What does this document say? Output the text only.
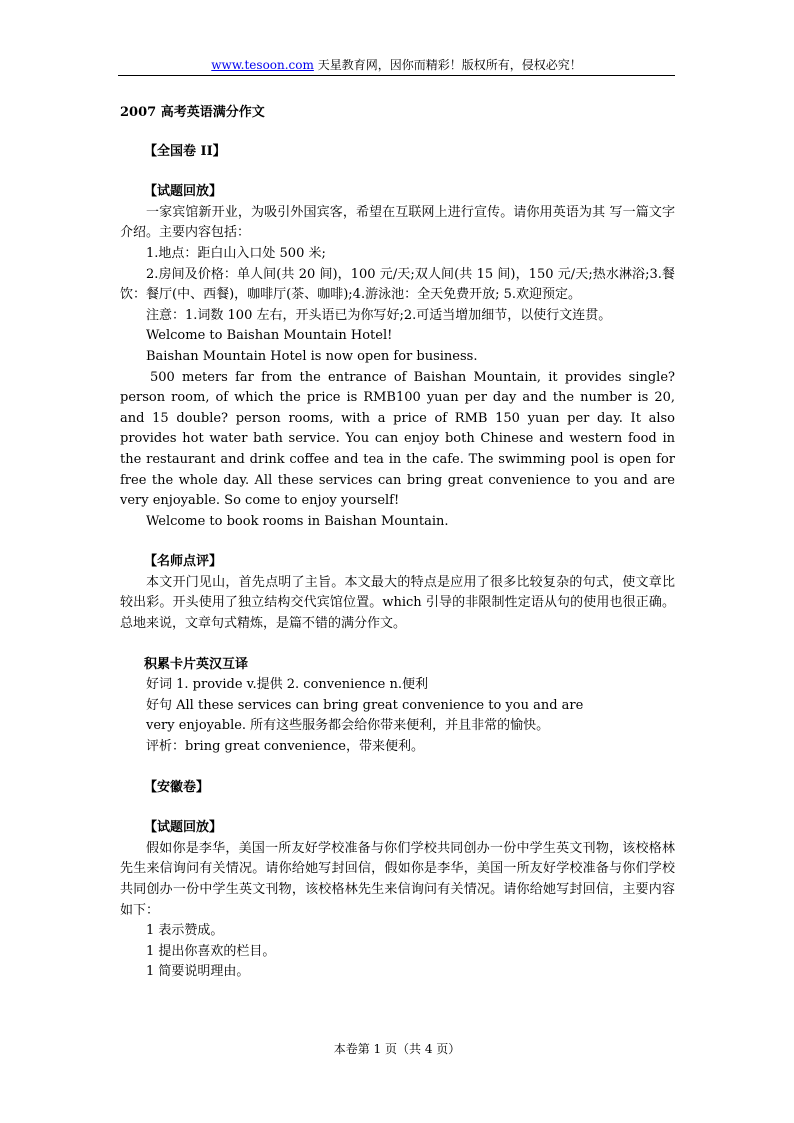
www.tesoon.com 天星教育网，因你而精彩！版权所有，侵权必究！

2007 高考英语满分作文

【全国卷 II】

【试题回放】

一家宾馆新开业，为吸引外国宾客，希望在互联网上进行宣传。请你用英语为其 写一篇文字介绍。主要内容包括：

1.地点：距白山入口处 500 米;

2.房间及价格：单人间(共 20 间)，100 元/天;双人间(共 15 间)，150 元/天;热水淋浴;3.餐饮：餐厅(中、西餐)，咖啡厅(茶、咖啡);4.游泳池：全天免费开放; 5.欢迎预定。

注意：1.词数 100 左右，开头语已为你写好;2.可适当增加细节，以使行文连贯。

Welcome to Baishan Mountain Hotel!

Baishan Mountain Hotel is now open for business.

500 meters far from the entrance of Baishan Mountain, it provides single?person room, of which the price is RMB100 yuan per day and the number is 20, and 15 double? person rooms, with a price of RMB 150 yuan per day. It also provides hot water bath service. You can enjoy both Chinese and western food in the restaurant and drink coffee and tea in the cafe. The swimming pool is open for free the whole day. All these services can bring great convenience to you and are very enjoyable. So come to enjoy yourself!

Welcome to book rooms in Baishan Mountain.

【名师点评】

本文开门见山，首先点明了主旨。本文最大的特点是应用了很多比较复杂的句式，使文章比较出彩。开头使用了独立结构交代宾馆位置。which 引导的非限制性定语从句的使用也很正确。总地来说，文章句式精炼，是篇不错的满分作文。

积累卡片英汉互译

好词 1. provide v.提供 2. convenience n.便利

好句 All these services can bring great convenience to you and are

very enjoyable. 所有这些服务都会给你带来便利，并且非常的愉快。

评析：bring great convenience，带来便利。

【安徽卷】

【试题回放】

假如你是李华，美国一所友好学校准备与你们学校共同创办一份中学生英文刊物，该校格林先生来信询问有关情况。请你给她写封回信，假如你是李华，美国一所友好学校准备与你们学校共同创办一份中学生英文刊物，该校格林先生来信询问有关情况。请你给她写封回信，主要内容如下：

1 表示赞成。

1 提出你喜欢的栏目。

1 简要说明理由。

本卷第 1 页（共 4 页）
